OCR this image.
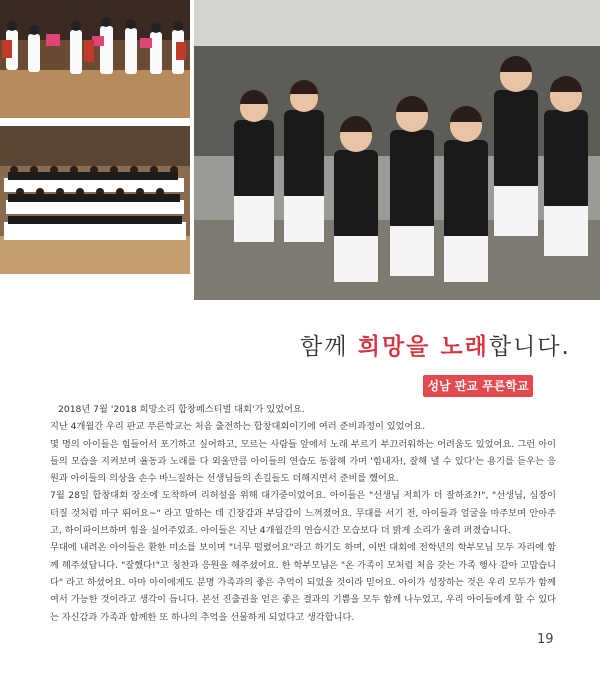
함께 희망을 노래합니다.
성남 판교 푸른학교

2018년 7월 '2018 희망소리 합창페스티벌 대회'가 있었어요.

지난 4개월간 우리 판교 푸른학교는 처음 출전하는 합창대회이기에 여러 준비과정이 있었어요.

몇 명의 아이들은 힘들어서 포기하고 싶어하고, 모르는 사람들 앞에서 노래 부르기 부끄러워하는 어려움도 있었어요. 그런 아이들의 모습을 지켜보며 율동과 노래를 다 외울만큼 아이들의 연습도 동참해 가며 '힘내자!, 잘해 낼 수 있다'는 용기를 듣우는 응원과 아이들의 의상을 손수 바느질하는 선생님들의 손길들도 더해지면서 준비를 했어요.

7월 28일 합창대회 장소에 도착하여 리허설을 위해 대기중이었어요. 아이들은 "선생님 저희가 더 잘하죠?!", "선생님, 심장이 터질 것처럼 마구 뛰어요~" 라고 말하는 데 긴장감과 부담감이 느껴졌어요. 무대를 서기 전, 아이들과 얼굴을 마주보며 안아주고, 하이파이브하며 힘을 실어주었죠. 아이들은 지난 4개월간의 연습시간 모습보다 더 밝게 소리가 울려 퍼졌습니다.

무대에 내려온 아이들은 환한 미소를 보이며 "너무 떨렸어요"라고 하기도 하며, 이번 대회에 전학년의 학부모님 모두 자리에 함께 해주셨답니다. "잘했다!"고 칭찬과 응원을 해주셨어요. 한 학부모님은 "온 가족이 모처럼 처음 갖는 가족 행사 같아 고맙습니다" 라고 하셨어요. 아마 아이에게도 분명 가족과의 좋은 추억이 되었을 것이라 믿어요. 아이가 성장하는 것은 우리 모두가 함께여서 가능한 것이라고 생각이 듭니다. 본선 진출권을 얻은 좋은 결과의 기쁨을 모두 함께 나누었고, 우리 아이들에게 할 수 있다는 자신감과 가족과 함께한 또 하나의 추억을 선물하게 되었다고 생각합니다.

19
